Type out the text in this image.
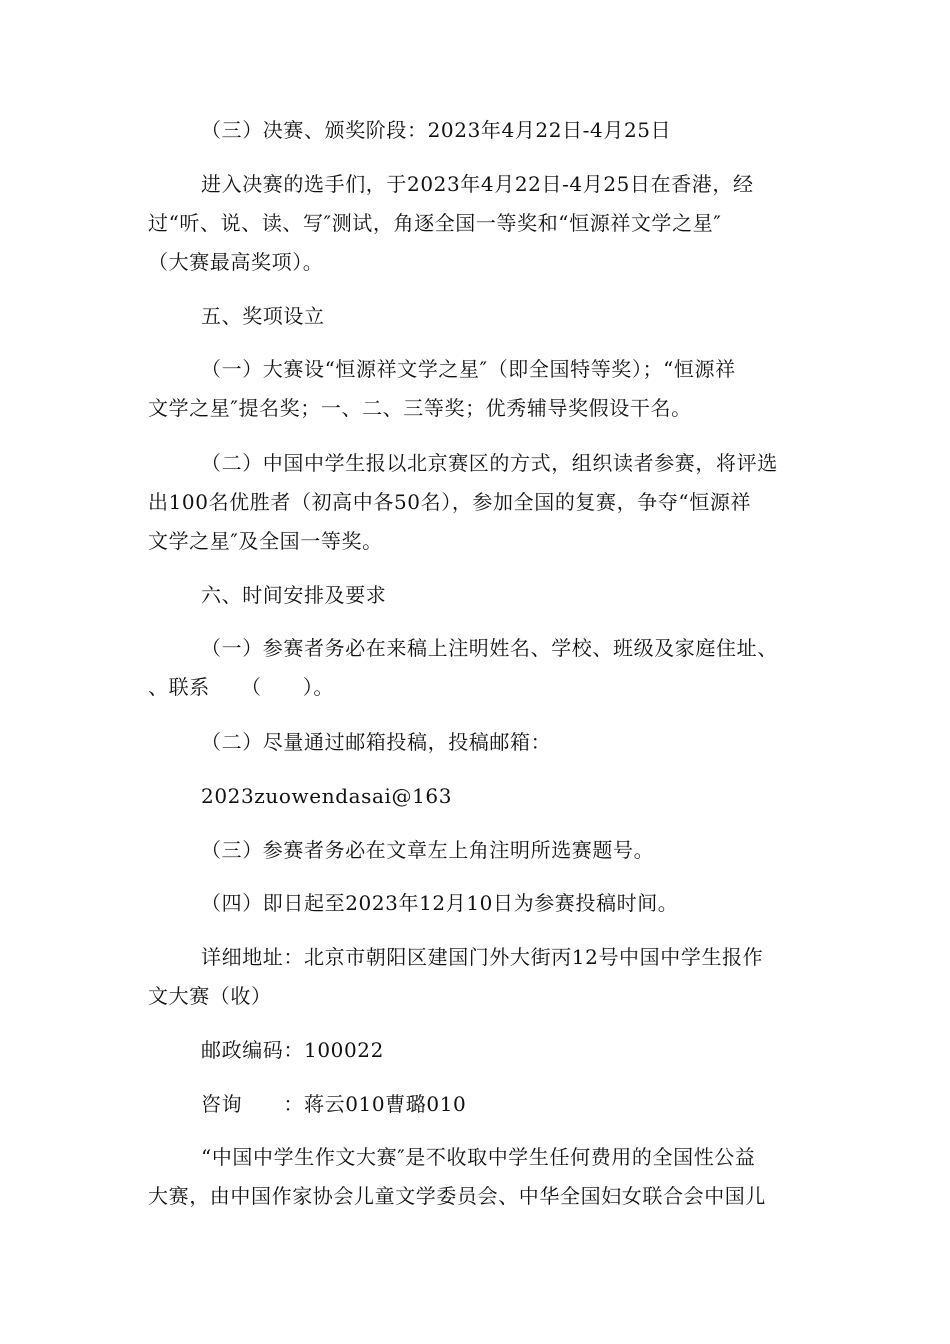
（三）决赛、颁奖阶段：2023年4月22日-4月25日
进入决赛的选手们，于2023年4月22日-4月25日在香港，经
过“听、说、读、写″测试，角逐全国一等奖和“恒源祥文学之星″
（大赛最高奖项）。
五、奖项设立
（一）大赛设“恒源祥文学之星″（即全国特等奖）；“恒源祥
文学之星″提名奖；一、二、三等奖；优秀辅导奖假设干名。
（二）中国中学生报以北京赛区的方式，组织读者参赛，将评选
出100名优胜者（初高中各50名），参加全国的复赛，争夺“恒源祥
文学之星″及全国一等奖。
六、时间安排及要求
（一）参赛者务必在来稿上注明姓名、学校、班级及家庭住址、
、联系　　（　　）。
（二）尽量通过邮箱投稿，投稿邮箱：
2023zuowendasai@163
（三）参赛者务必在文章左上角注明所选赛题号。
（四）即日起至2023年12月10日为参赛投稿时间。
详细地址：北京市朝阳区建国门外大街丙12号中国中学生报作
文大赛（收）
邮政编码：100022
咨询　　：蒋云010曹璐010
“中国中学生作文大赛″是不收取中学生任何费用的全国性公益
大赛，由中国作家协会儿童文学委员会、中华全国妇女联合会中国儿
